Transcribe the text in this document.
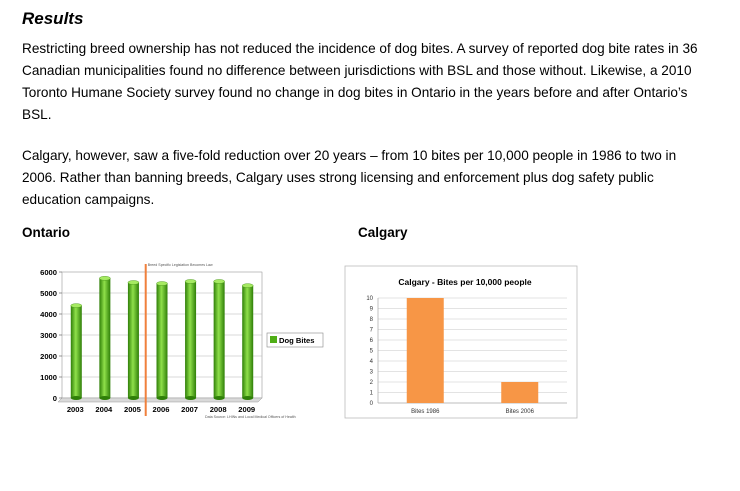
Results

Restricting breed ownership has not reduced the incidence of dog bites. A survey of reported dog bite rates in 36 Canadian municipalities found no difference between jurisdictions with BSL and those without. Likewise, a 2010 Toronto Humane Society survey found no change in dog bites in Ontario in the years before and after Ontario’s BSL.

Calgary, however, saw a five-fold reduction over 20 years – from 10 bites per 10,000 people in 1986 to two in 2006. Rather than banning breeds, Calgary uses strong licensing and enforcement plus dog safety public education campaigns.

Ontario	Calgary
0
1000
2000
3000
4000
5000
6000
2003 2004 2005 2006 2007 2008 2009
Breed Specific Legislation Becomes Law
Dog Bites
Data Source: LHINs and Local Medical Officers of Health
Calgary - Bites per 10,000 people
0
1
2
3
4
5
6
7
8
9
10
Bites 1986	Bites 2006
